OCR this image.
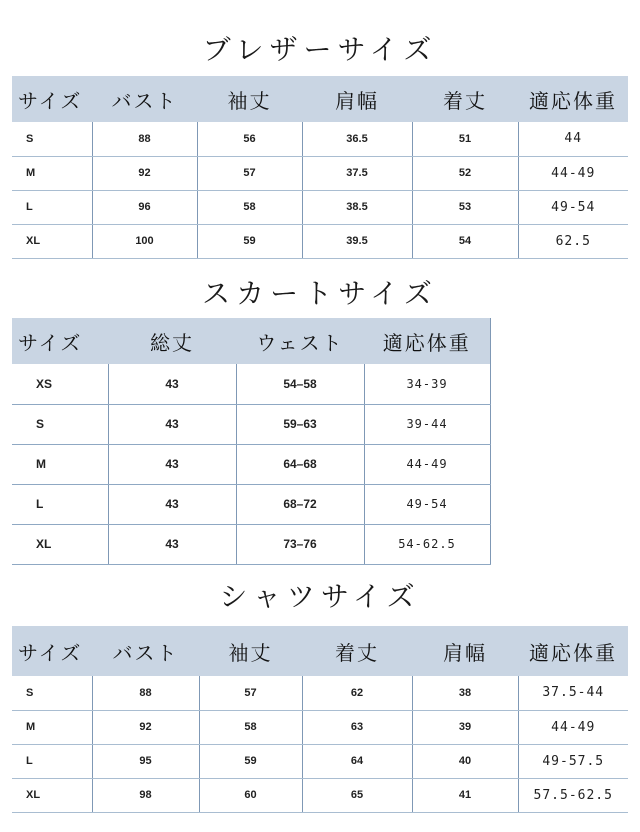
ブレザーサイズ
サイズ	バスト	袖丈	肩幅	着丈	適応体重
S	88	56	36.5	51	44
M	92	57	37.5	52	44-49
L	96	58	38.5	53	49-54
XL	100	59	39.5	54	62.5
スカートサイズ
サイズ	総丈	ウェスト	適応体重
XS	43	54–58	34-39
S	43	59–63	39-44
M	43	64–68	44-49
L	43	68–72	49-54
XL	43	73–76	54-62.5
シャツサイズ
サイズ	バスト	袖丈	着丈	肩幅	適応体重
S	88	57	62	38	37.5-44
M	92	58	63	39	44-49
L	95	59	64	40	49-57.5
XL	98	60	65	41	57.5-62.5
